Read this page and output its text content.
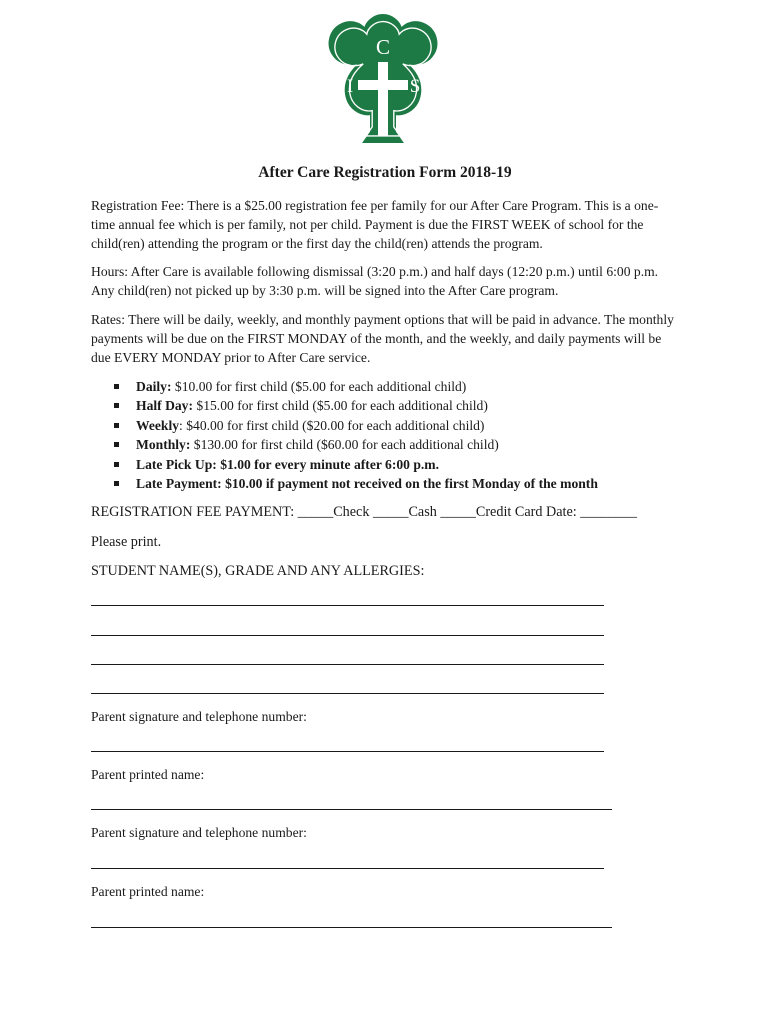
C
I	S
After Care Registration Form 2018-19

Registration Fee: There is a $25.00 registration fee per family for our After Care Program. This is a one-time annual fee which is per family, not per child. Payment is due the FIRST WEEK of school for the child(ren) attending the program or the first day the child(ren) attends the program.

Hours: After Care is available following dismissal (3:20 p.m.) and half days (12:20 p.m.) until 6:00 p.m. Any child(ren) not picked up by 3:30 p.m. will be signed into the After Care program.

Rates: There will be daily, weekly, and monthly payment options that will be paid in advance. The monthly payments will be due on the FIRST MONDAY of the month, and the weekly, and daily payments will be due EVERY MONDAY prior to After Care service.

Daily: $10.00 for first child ($5.00 for each additional child)
Half Day: $15.00 for first child ($5.00 for each additional child)
Weekly: $40.00 for first child ($20.00 for each additional child)
Monthly: $130.00 for first child ($60.00 for each additional child)
Late Pick Up: $1.00 for every minute after 6:00 p.m.
Late Payment: $10.00 if payment not received on the first Monday of the month
REGISTRATION FEE PAYMENT: _____Check _____Cash _____Credit Card Date: ________
Please print.
STUDENT NAME(S), GRADE AND ANY ALLERGIES:
Parent signature and telephone number:
Parent printed name:
Parent signature and telephone number:
Parent printed name:
